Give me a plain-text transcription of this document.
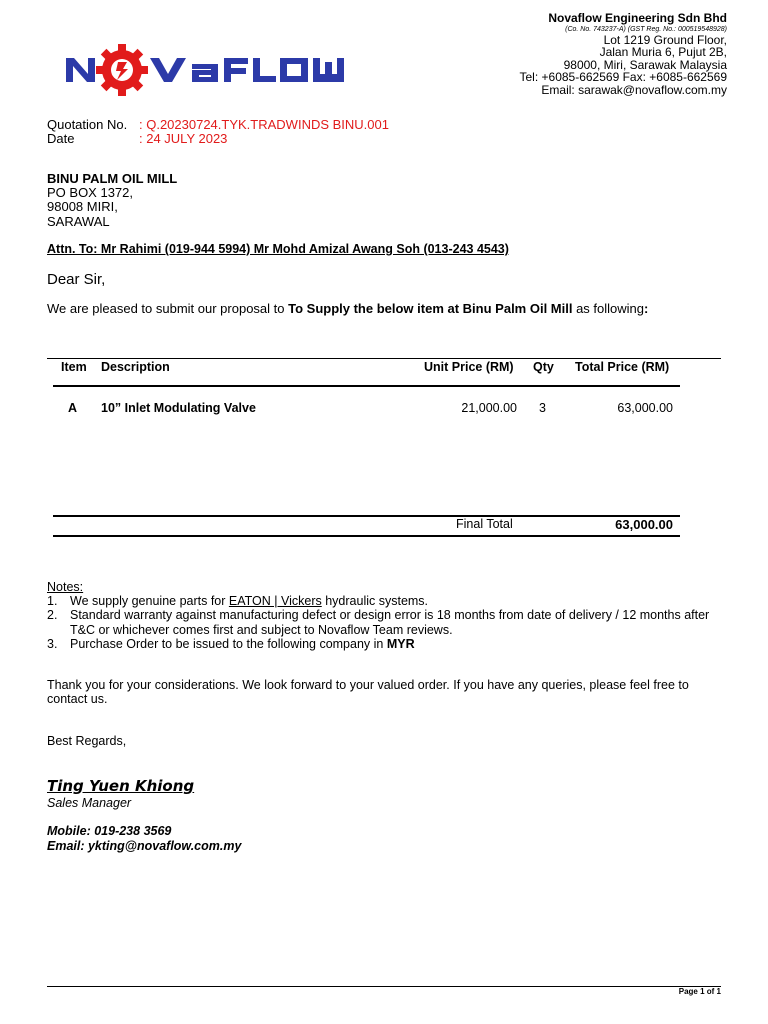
Novaflow Engineering Sdn Bhd
(Co. No. 743237-A) (GST Reg. No.: 000519548928)
Lot 1219 Ground Floor,
Jalan Muria 6, Pujut 2B,
98000, Miri, Sarawak Malaysia
Tel: +6085-662569 Fax: +6085-662569
Email: sarawak@novaflow.com.my
Quotation No. : Q.20230724.TYK.TRADWINDS BINU.001
Date	: 24 JULY 2023
BINU PALM OIL MILL
PO BOX 1372,
98008 MIRI,
SARAWAL
Attn. To: Mr Rahimi (019-944 5994) Mr Mohd Amizal Awang Soh (013-243 4543)
Dear Sir,
We are pleased to submit our proposal to To Supply the below item at Binu Palm Oil Mill as following:
Item Description	Unit Price (RM) Qty Total Price (RM)
A 10” Inlet Modulating Valve	21,000.00 3	63,000.00
Final Total	63,000.00
Notes:
1.	We supply genuine parts for EATON | Vickers hydraulic systems.
2.	Standard warranty against manufacturing defect or design error is 18 months from date of delivery / 12 months after T&C or whichever comes first and subject to Novaflow Team reviews.
3.	Purchase Order to be issued to the following company in MYR
Thank you for your considerations. We look forward to your valued order. If you have any queries, please feel free to contact us.
Best Regards,
Ting Yuen Khiong
Sales Manager
Mobile: 019-238 3569
Email: ykting@novaflow.com.my
Page 1 of 1
